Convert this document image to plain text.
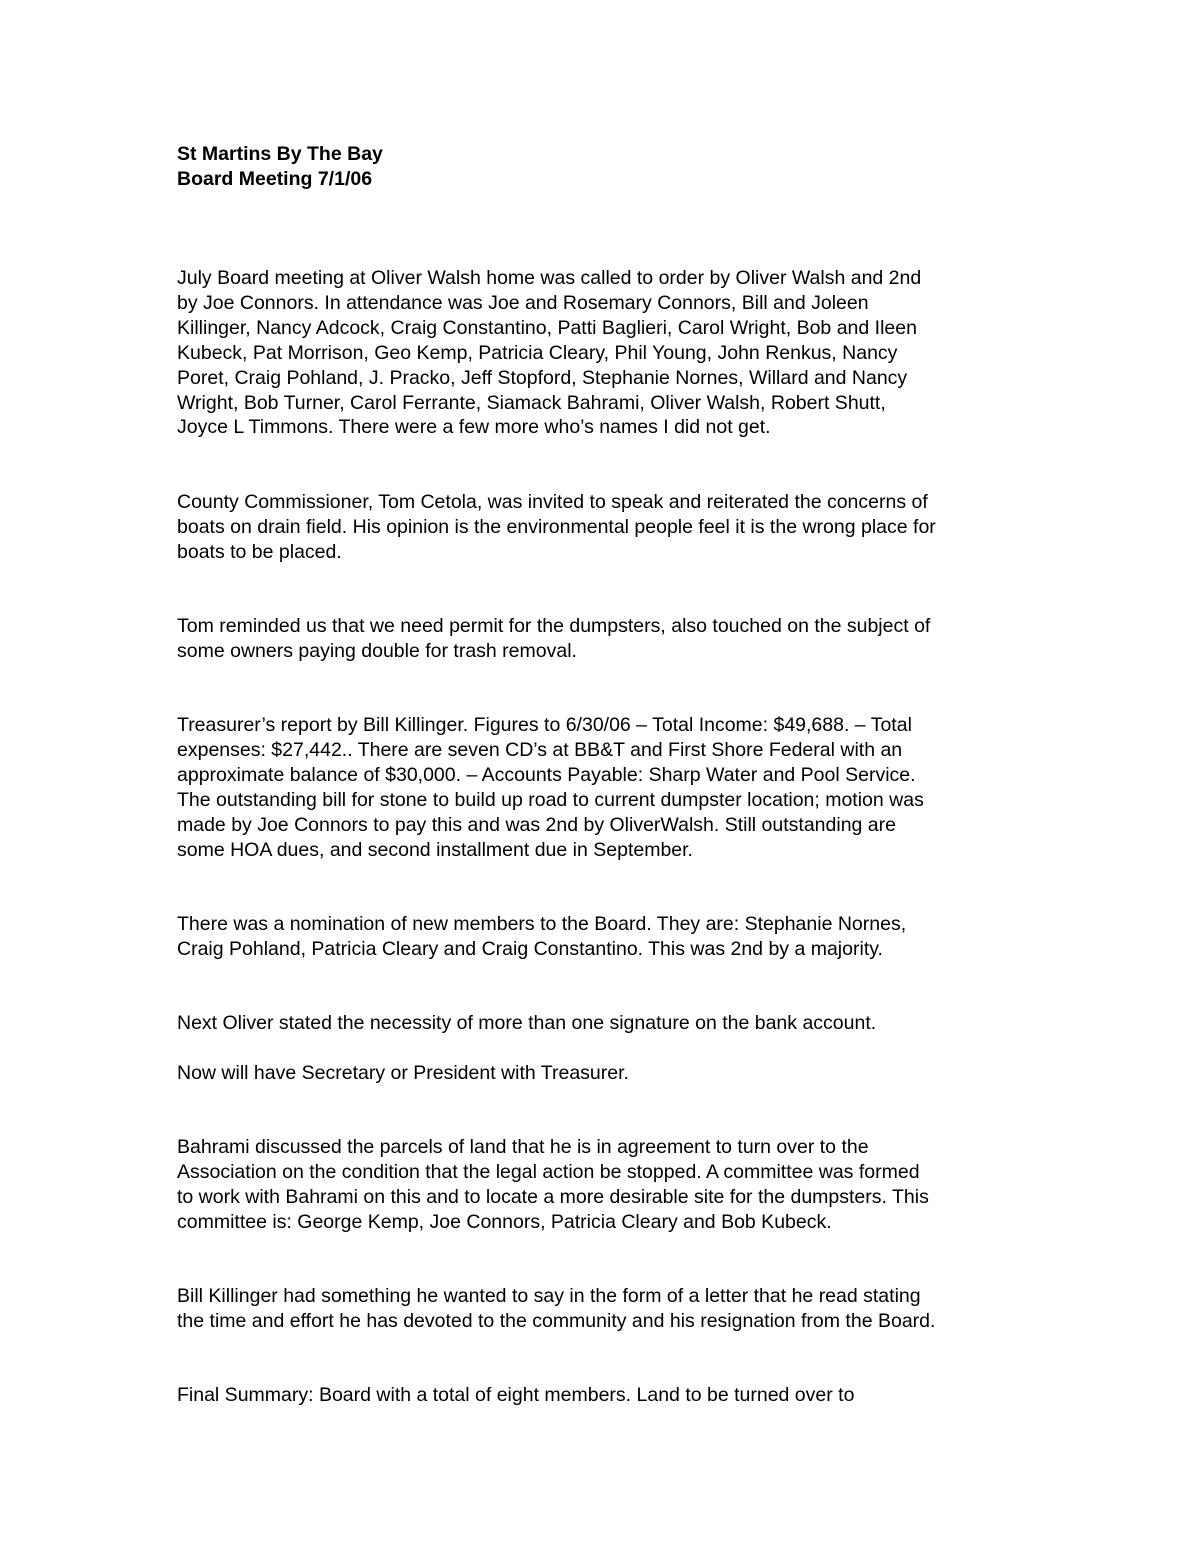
St Martins By The Bay
Board Meeting 7/1/06
July Board meeting at Oliver Walsh home was called to order by Oliver Walsh and 2nd
by Joe Connors. In attendance was Joe and Rosemary Connors, Bill and Joleen
Killinger, Nancy Adcock, Craig Constantino, Patti Baglieri, Carol Wright, Bob and Ileen
Kubeck, Pat Morrison, Geo Kemp, Patricia Cleary, Phil Young, John Renkus, Nancy
Poret, Craig Pohland, J. Pracko, Jeff Stopford, Stephanie Nornes, Willard and Nancy
Wright, Bob Turner, Carol Ferrante, Siamack Bahrami, Oliver Walsh, Robert Shutt,
Joyce L Timmons. There were a few more who’s names I did not get.
County Commissioner, Tom Cetola, was invited to speak and reiterated the concerns of
boats on drain field. His opinion is the environmental people feel it is the wrong place for
boats to be placed.
Tom reminded us that we need permit for the dumpsters, also touched on the subject of
some owners paying double for trash removal.
Treasurer’s report by Bill Killinger. Figures to 6/30/06 – Total Income: $49,688. – Total
expenses: $27,442.. There are seven CD’s at BB&T and First Shore Federal with an
approximate balance of $30,000. – Accounts Payable: Sharp Water and Pool Service.
The outstanding bill for stone to build up road to current dumpster location; motion was
made by Joe Connors to pay this and was 2nd by OliverWalsh. Still outstanding are
some HOA dues, and second installment due in September.
There was a nomination of new members to the Board. They are: Stephanie Nornes,
Craig Pohland, Patricia Cleary and Craig Constantino. This was 2nd by a majority.
Next Oliver stated the necessity of more than one signature on the bank account.
Now will have Secretary or President with Treasurer.
Bahrami discussed the parcels of land that he is in agreement to turn over to the
Association on the condition that the legal action be stopped. A committee was formed
to work with Bahrami on this and to locate a more desirable site for the dumpsters. This
committee is: George Kemp, Joe Connors, Patricia Cleary and Bob Kubeck.
Bill Killinger had something he wanted to say in the form of a letter that he read stating
the time and effort he has devoted to the community and his resignation from the Board.
Final Summary: Board with a total of eight members. Land to be turned over to
